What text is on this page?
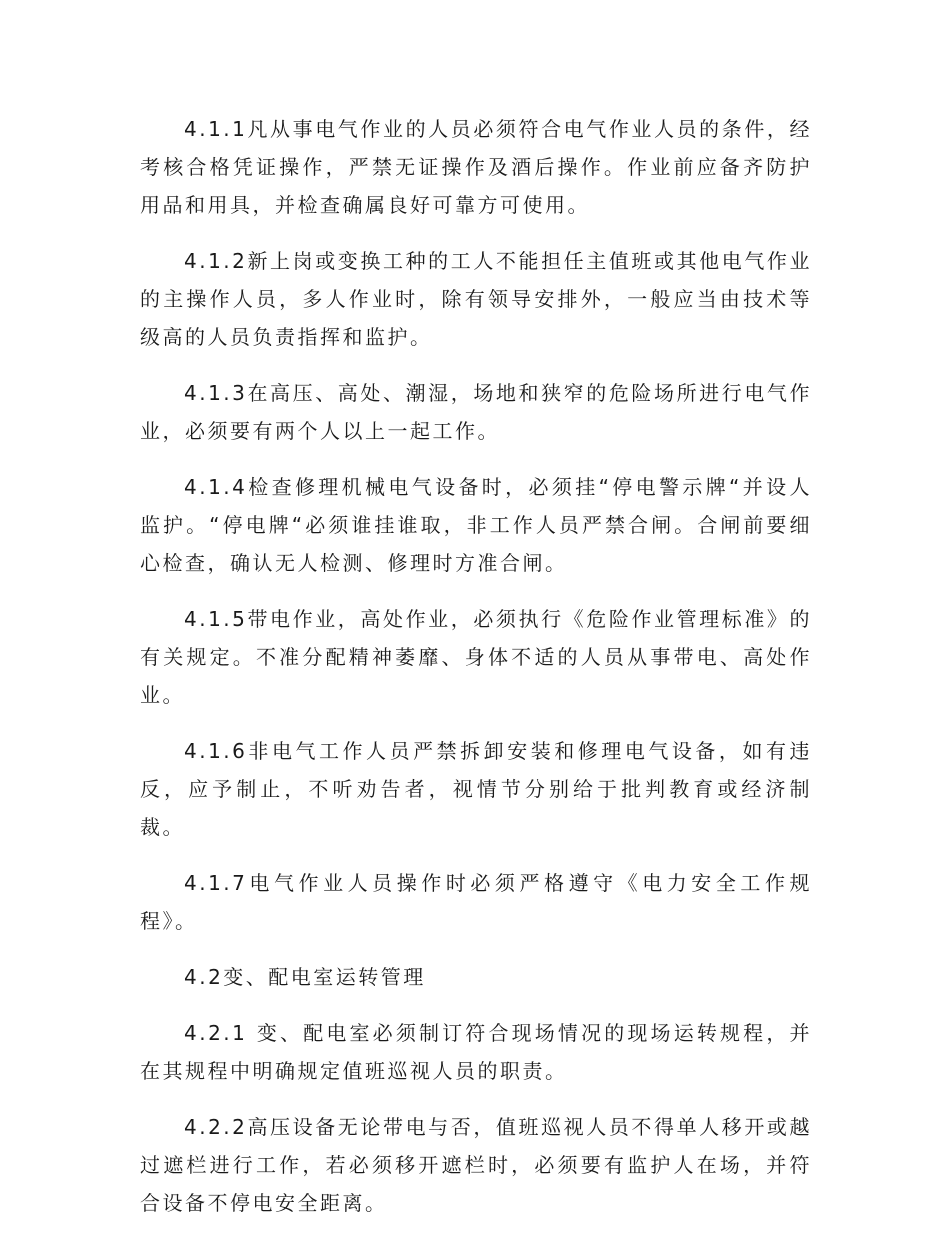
4.1.1凡从事电气作业的人员必须符合电气作业人员的条件，经考核合格凭证操作，严禁无证操作及酒后操作。作业前应备齐防护用品和用具，并检查确属良好可靠方可使用。

4.1.2新上岗或变换工种的工人不能担任主值班或其他电气作业的主操作人员，多人作业时，除有领导安排外，一般应当由技术等级高的人员负责指挥和监护。

4.1.3在高压、高处、潮湿，场地和狭窄的危险场所进行电气作业，必须要有两个人以上一起工作。

4.1.4检查修理机械电气设备时，必须挂“停电警示牌“并设人监护。“停电牌“必须谁挂谁取，非工作人员严禁合闸。合闸前要细心检查，确认无人检测、修理时方准合闸。

4.1.5带电作业，高处作业，必须执行《危险作业管理标准》的有关规定。不准分配精神萎靡、身体不适的人员从事带电、高处作业。

4.1.6非电气工作人员严禁拆卸安装和修理电气设备，如有违反，应予制止，不听劝告者，视情节分别给于批判教育或经济制裁。

4.1.7电气作业人员操作时必须严格遵守《电力安全工作规程》。

4.2变、配电室运转管理

4.2.1 变、配电室必须制订符合现场情况的现场运转规程，并在其规程中明确规定值班巡视人员的职责。

4.2.2高压设备无论带电与否，值班巡视人员不得单人移开或越过遮栏进行工作，若必须移开遮栏时，必须要有监护人在场，并符合设备不停电安全距离。
